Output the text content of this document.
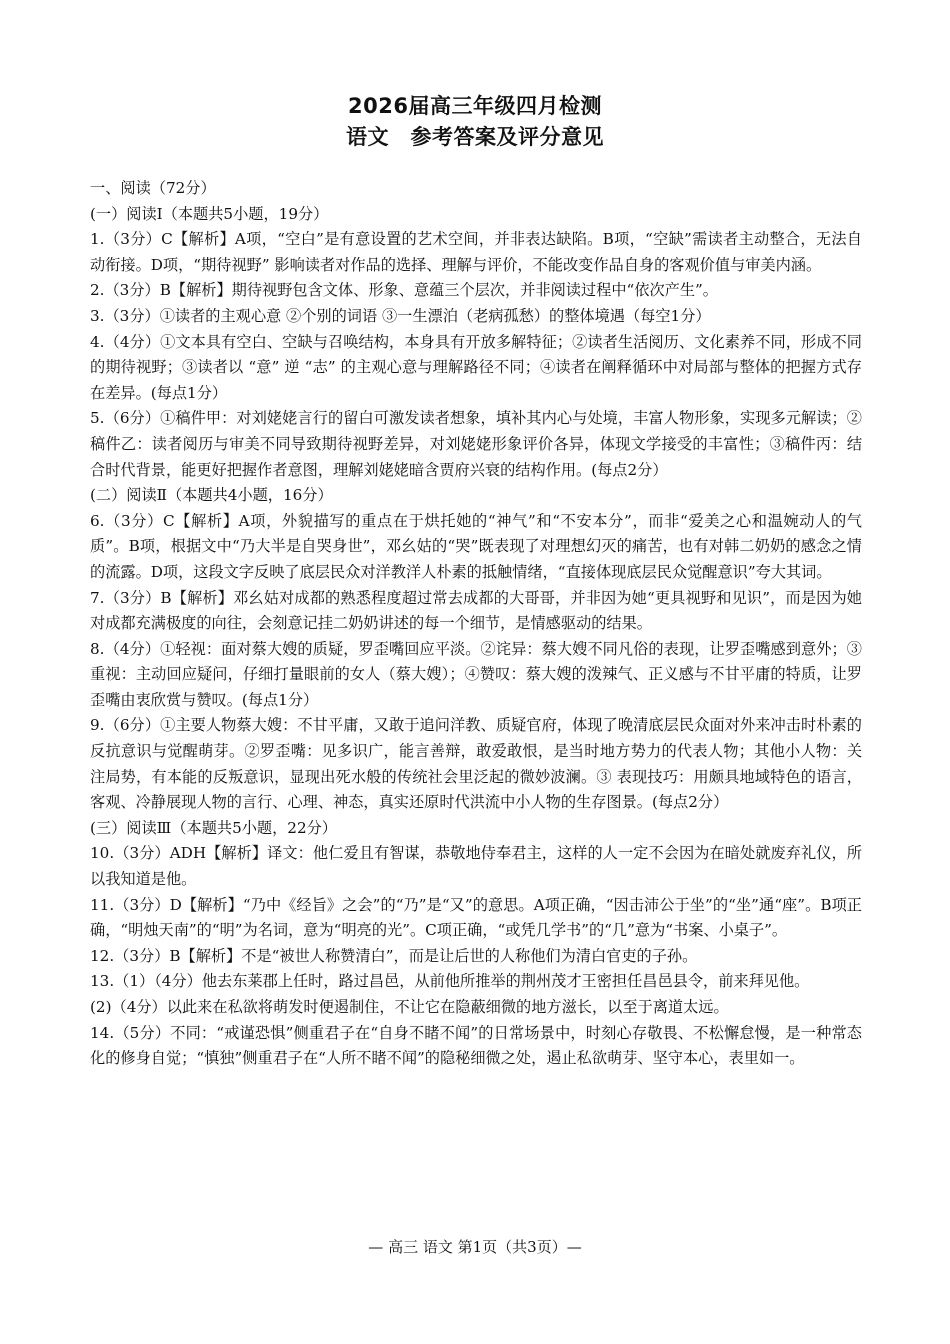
2026届高三年级四月检测
语文　参考答案及评分意见

一、阅读（72分）

(一）阅读Ⅰ（本题共5小题，19分）

1.（3分）C【解析】A项，“空白”是有意设置的艺术空间，并非表达缺陷。B项，“空缺”需读者主动整合，无法自动衔接。D项，“期待视野” 影响读者对作品的选择、理解与评价，不能改变作品自身的客观价值与审美内涵。

2.（3分）B【解析】期待视野包含文体、形象、意蕴三个层次，并非阅读过程中“依次产生”。

3.（3分）①读者的主观心意 ②个别的词语 ③一生漂泊（老病孤愁）的整体境遇（每空1分）

4.（4分）①文本具有空白、空缺与召唤结构，本身具有开放多解特征；②读者生活阅历、文化素养不同，形成不同的期待视野；③读者以 “意” 逆 “志” 的主观心意与理解路径不同；④读者在阐释循环中对局部与整体的把握方式存在差异。(每点1分）

5.（6分）①稿件甲：对刘姥姥言行的留白可激发读者想象，填补其内心与处境，丰富人物形象，实现多元解读；②稿件乙：读者阅历与审美不同导致期待视野差异，对刘姥姥形象评价各异，体现文学接受的丰富性；③稿件丙：结合时代背景，能更好把握作者意图，理解刘姥姥暗含贾府兴衰的结构作用。(每点2分）

(二）阅读Ⅱ（本题共4小题，16分）

6.（3分）C【解析】A项，外貌描写的重点在于烘托她的“神气”和“不安本分”，而非“爱美之心和温婉动人的气质”。B项，根据文中“乃大半是自哭身世”，邓幺姑的“哭”既表现了对理想幻灭的痛苦，也有对韩二奶奶的感念之情的流露。D项，这段文字反映了底层民众对洋教洋人朴素的抵触情绪，“直接体现底层民众觉醒意识”夸大其词。

7.（3分）B【解析】邓幺姑对成都的熟悉程度超过常去成都的大哥哥，并非因为她“更具视野和见识”，而是因为她对成都充满极度的向往，会刻意记挂二奶奶讲述的每一个细节，是情感驱动的结果。

8.（4分）①轻视：面对蔡大嫂的质疑，罗歪嘴回应平淡。②诧异：蔡大嫂不同凡俗的表现，让罗歪嘴感到意外；③重视：主动回应疑问，仔细打量眼前的女人（蔡大嫂）；④赞叹：蔡大嫂的泼辣气、正义感与不甘平庸的特质，让罗歪嘴由衷欣赏与赞叹。(每点1分）

9.（6分）①主要人物蔡大嫂：不甘平庸，又敢于追问洋教、质疑官府，体现了晚清底层民众面对外来冲击时朴素的反抗意识与觉醒萌芽。②罗歪嘴：见多识广，能言善辩，敢爱敢恨，是当时地方势力的代表人物；其他小人物：关注局势，有本能的反叛意识，显现出死水般的传统社会里泛起的微妙波澜。③ 表现技巧：用颇具地域特色的语言，客观、冷静展现人物的言行、心理、神态，真实还原时代洪流中小人物的生存图景。(每点2分）

(三）阅读Ⅲ（本题共5小题，22分）

10.（3分）ADH【解析】译文：他仁爱且有智谋，恭敬地侍奉君主，这样的人一定不会因为在暗处就废弃礼仪，所以我知道是他。

11.（3分）D【解析】“乃中《经旨》之会”的“乃”是“又”的意思。A项正确，“因击沛公于坐”的“坐”通“座”。B项正确，“明烛天南”的“明”为名词，意为“明亮的光”。C项正确，“或凭几学书”的“几”意为“书案、小桌子”。

12.（3分）B【解析】不是“被世人称赞清白”，而是让后世的人称他们为清白官吏的子孙。

13.（1）（4分）他去东莱郡上任时，路过昌邑，从前他所推举的荆州茂才王密担任昌邑县令，前来拜见他。

(2)（4分）以此来在私欲将萌发时便遏制住，不让它在隐蔽细微的地方滋长，以至于离道太远。

14.（5分）不同：“戒谨恐惧”侧重君子在“自身不睹不闻”的日常场景中，时刻心存敬畏、不松懈怠慢，是一种常态化的修身自觉；“慎独”侧重君子在“人所不睹不闻”的隐秘细微之处，遏止私欲萌芽、坚守本心，表里如一。

— 高三 语文 第1页（共3页）—
